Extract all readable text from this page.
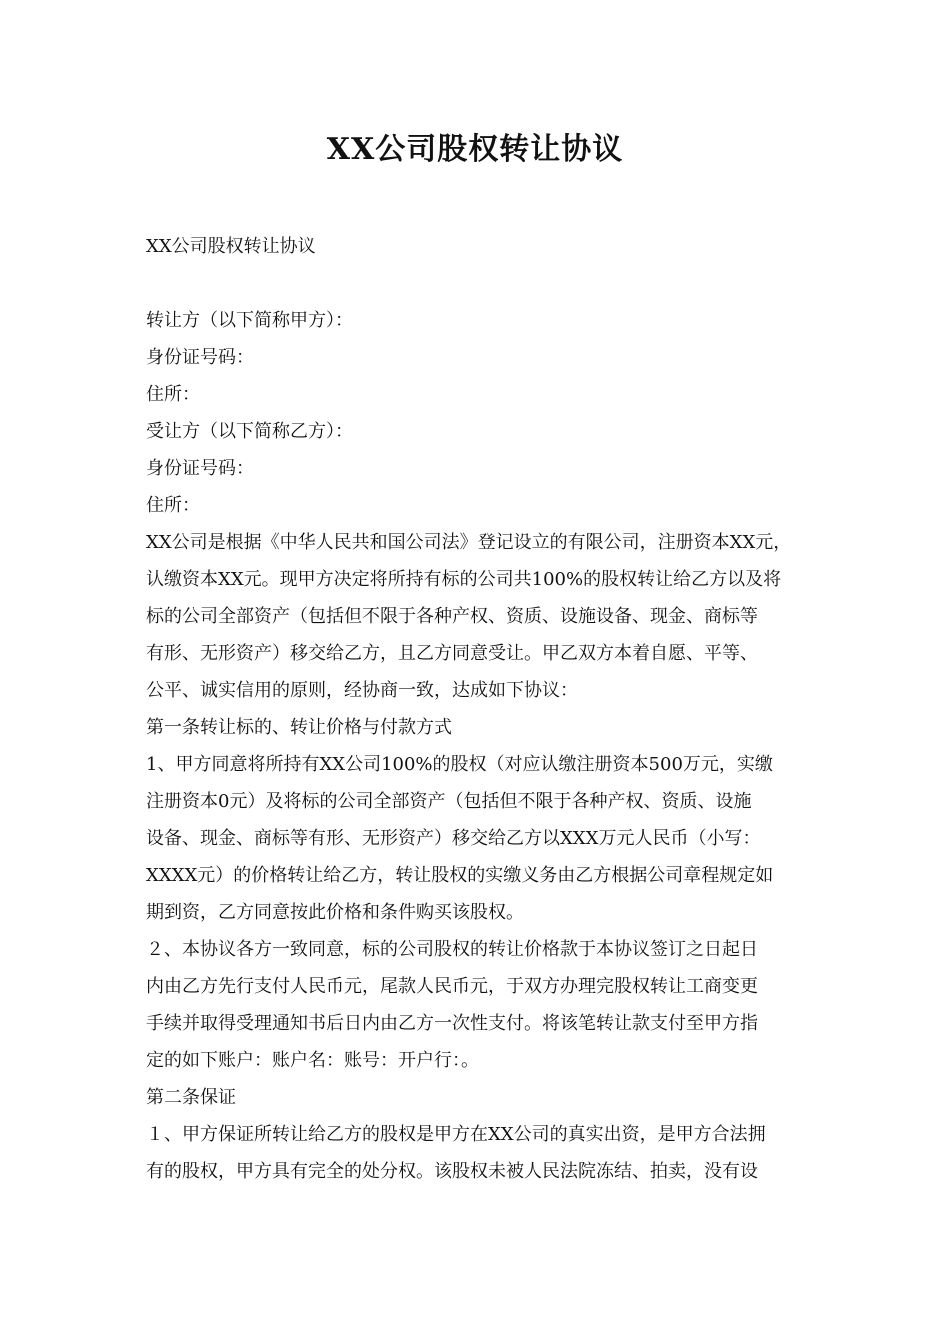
XX公司股权转让协议
XX公司股权转让协议
转让方（以下简称甲方）：
身份证号码：
住所：
受让方（以下简称乙方）：
身份证号码：
住所：
XX公司是根据《中华人民共和国公司法》登记设立的有限公司，注册资本XX元，
认缴资本XX元。现甲方决定将所持有标的公司共100%的股权转让给乙方以及将
标的公司全部资产（包括但不限于各种产权、资质、设施设备、现金、商标等
有形、无形资产）移交给乙方，且乙方同意受让。甲乙双方本着自愿、平等、
公平、诚实信用的原则，经协商一致，达成如下协议：
第一条转让标的、转让价格与付款方式
1、甲方同意将所持有XX公司100%的股权（对应认缴注册资本500万元，实缴
注册资本0元）及将标的公司全部资产（包括但不限于各种产权、资质、设施
设备、现金、商标等有形、无形资产）移交给乙方以XXX万元人民币（小写：
XXXX元）的价格转让给乙方，转让股权的实缴义务由乙方根据公司章程规定如
期到资，乙方同意按此价格和条件购买该股权。
２、本协议各方一致同意，标的公司股权的转让价格款于本协议签订之日起日
内由乙方先行支付人民币元，尾款人民币元，于双方办理完股权转让工商变更
手续并取得受理通知书后日内由乙方一次性支付。将该笔转让款支付至甲方指
定的如下账户：账户名：账号：开户行：。
第二条保证
１、甲方保证所转让给乙方的股权是甲方在XX公司的真实出资，是甲方合法拥
有的股权，甲方具有完全的处分权。该股权未被人民法院冻结、拍卖，没有设
